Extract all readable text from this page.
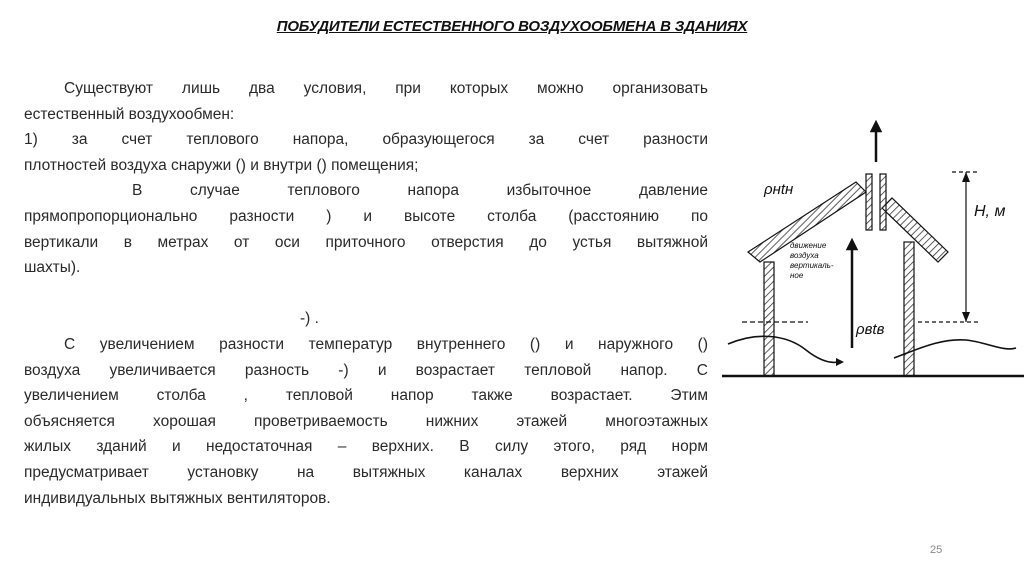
ПОБУДИТЕЛИ ЕСТЕСТВЕННОГО ВОЗДУХООБМЕНА В ЗДАНИЯХ

Существуют лишь два условия, при которых можно организовать

естественный воздухообмен:

1) за счет теплового напора, образующегося за счет разности

плотностей воздуха снаружи () и внутри () помещения;

В случае теплового напора избыточное давление

прямопропорционально разности ) и высоте столба (расстоянию по

вертикали в метрах от оси приточного отверстия до устья вытяжной

шахты).

-) .

С увеличением разности температур внутреннего () и наружного ()

воздуха увеличивается разность -) и возрастает тепловой напор. С

увеличением столба , тепловой напор также возрастает. Этим

объясняется хорошая проветриваемость нижних этажей многоэтажных

жилых зданий и недостаточная – верхних. В силу этого, ряд норм

предусматривает установку на вытяжных каналах верхних этажей

индивидуальных вытяжных вентиляторов.

ρнtн
ρвtв
H, м
движение
воздуха
вертикаль-
ное
25
